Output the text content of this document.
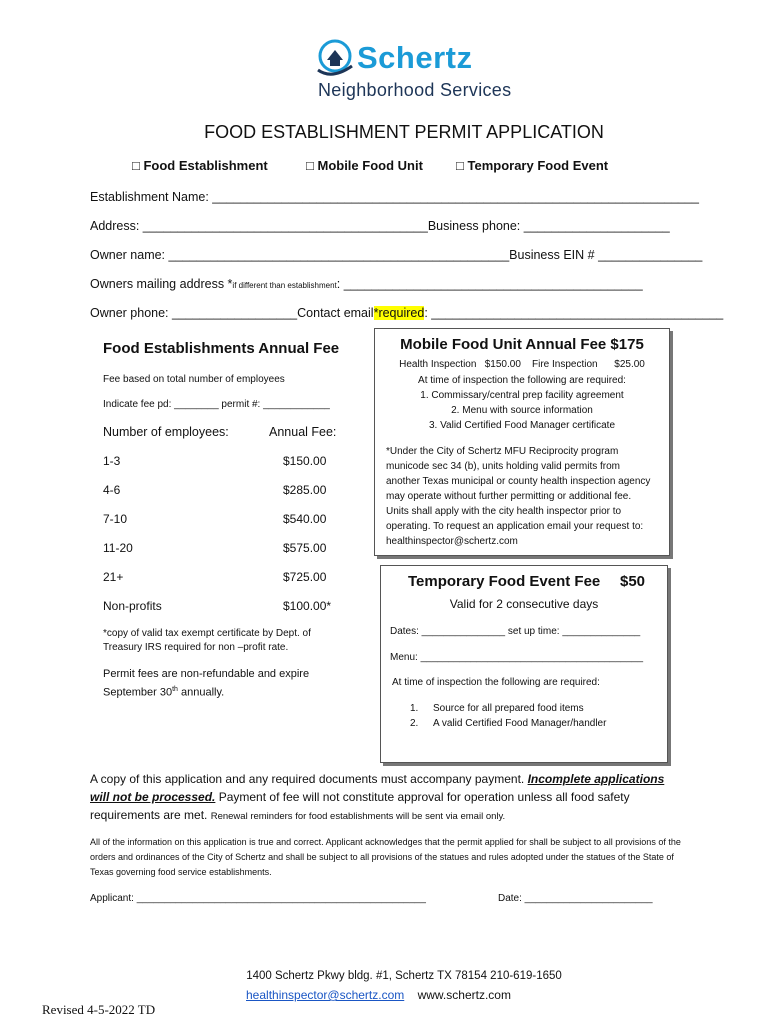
Schertz
Neighborhood Services
FOOD ESTABLISHMENT PERMIT APPLICATION
□ Food Establishment	□ Mobile Food Unit	□ Temporary Food Event
Establishment Name: ______________________________________________________________________
Address: _________________________________________Business phone: _____________________
Owner name: _________________________________________________Business EIN # _______________
Owners mailing address *if different than establishment: ___________________________________________
Owner phone: __________________Contact email*required: __________________________________________
Food Establishments Annual Fee
Fee based on total number of employees
Indicate fee pd: ________ permit #: ____________
Number of employees:	Annual Fee:
1-3	$150.00
4-6	$285.00
7-10	$540.00
11-20	$575.00
21+	$725.00
Non-profits	$100.00*
*copy of valid tax exempt certificate by Dept. of
Treasury IRS required for non –profit rate.
Permit fees are non-refundable and expire
September 30th annually.
Mobile Food Unit Annual Fee $175
Health Inspection   $150.00    Fire Inspection      $25.00
At time of inspection the following are required:
1. Commissary/central prep facility agreement
2. Menu with source information
3. Valid Certified Food Manager certificate
*Under the City of Schertz MFU Reciprocity program
municode sec 34 (b), units holding valid permits from
another Texas municipal or county health inspection agency
may operate without further permitting or additional fee.
Units shall apply with the city health inspector prior to
operating. To request an application email your request to:
healthinspector@schertz.com
Temporary Food Event Fee $50
Valid for 2 consecutive days
Dates: _______________ set up time: ______________
Menu: ________________________________________
At time of inspection the following are required:
1. Source for all prepared food items
2. A valid Certified Food Manager/handler
A copy of this application and any required documents must accompany payment. Incomplete applications will not be processed. Payment of fee will not constitute approval for operation unless all food safety requirements are met. Renewal reminders for food establishments will be sent via email only.
All of the information on this application is true and correct. Applicant acknowledges that the permit applied for shall be subject to all provisions of the orders and ordinances of the City of Schertz and shall be subject to all provisions of the statues and rules adopted under the statues of the State of Texas governing food service establishments.
Applicant: ____________________________________________________	Date: _______________________
1400 Schertz Pkwy bldg. #1, Schertz TX 78154 210-619-1650
healthinspector@schertz.com www.schertz.com
Revised 4-5-2022 TD
